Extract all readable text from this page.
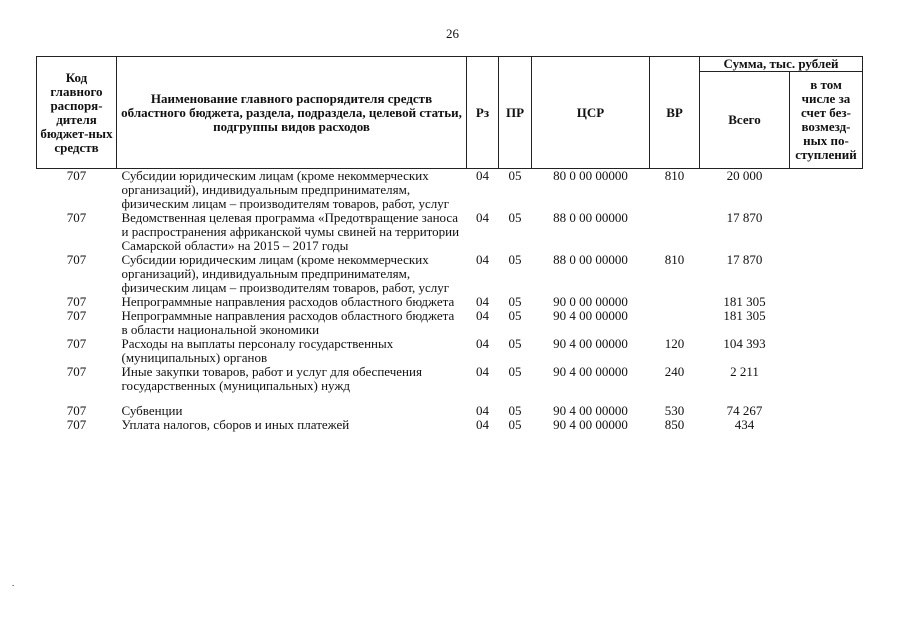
26
Код главного распоря-дителя бюджет-ных средств	Наименование главного распорядителя средств областного бюджета, раздела, подраздела, целевой статьи, подгруппы видов расходов	Рз	ПР	ЦСР	ВР	Сумма, тыс. рублей	
						Всего	в том числе за счет без-возмезд-ных по-ступлений
707	Субсидии юридическим лицам (кроме некоммерческих организаций), индивидуальным предпринимателям, физическим лицам – производителям товаров, работ, услуг	04	05	80 0 00 00000	810	20 000	
707	Ведомственная целевая программа «Предотвращение заноса и распространения африканской чумы свиней на территории Самарской области» на 2015 – 2017 годы	04	05	88 0 00 00000		17 870	
707	Субсидии юридическим лицам (кроме некоммерческих организаций), индивидуальным предпринимателям, физическим лицам – производителям товаров, работ, услуг	04	05	88 0 00 00000	810	17 870	
707	Непрограммные направления расходов областного бюджета	04	05	90 0 00 00000		181 305	
707	Непрограммные направления расходов областного бюджета в области национальной экономики	04	05	90 4 00 00000		181 305	
707	Расходы на выплаты персоналу государственных (муниципальных) органов	04	05	90 4 00 00000	120	104 393	
707	Иные закупки товаров, работ и услуг для обеспечения государственных (муниципальных) нужд	04	05	90 4 00 00000	240	2 211	

707	Субвенции	04	05	90 4 00 00000	530	74 267	
707	Уплата налогов, сборов и иных платежей	04	05	90 4 00 00000	850	434	
.
